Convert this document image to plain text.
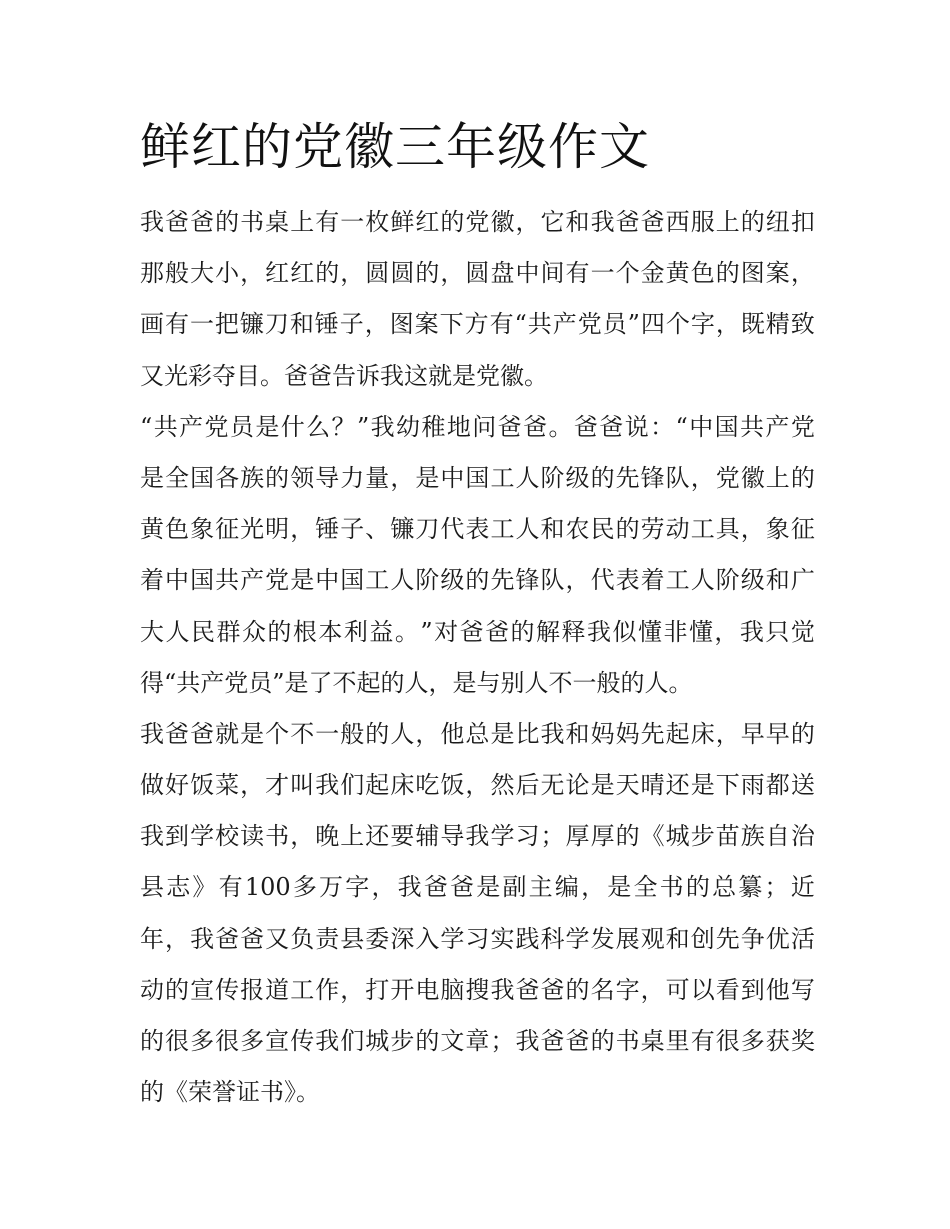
鲜红的党徽三年级作文
我 爸 爸 的 书 桌 上 有 一 枚 鲜 红 的 党 徽 ， 它 和 我 爸 爸 西 服 上 的 纽 扣
那 般 大 小 ， 红 红 的 ， 圆 圆 的 ， 圆 盘 中 间 有 一 个 金 黄 色 的 图 案 ，
画 有 一 把 镰 刀 和 锤 子 ， 图 案 下 方 有 “ 共 产 党 员 ” 四 个 字 ， 既 精 致
又光彩夺目。爸爸告诉我这就是党徽。
“ 共 产 党 员 是 什 么 ？ ” 我 幼 稚 地 问 爸 爸 。 爸 爸 说 ： “ 中 国 共 产 党
是 全 国 各 族 的 领 导 力 量 ， 是 中 国 工 人 阶 级 的 先 锋 队 ， 党 徽 上 的
黄 色 象 征 光 明 ， 锤 子 、 镰 刀 代 表 工 人 和 农 民 的 劳 动 工 具 ， 象 征
着 中 国 共 产 党 是 中 国 工 人 阶 级 的 先 锋 队 ， 代 表 着 工 人 阶 级 和 广
大 人 民 群 众 的 根 本 利 益 。 ” 对 爸 爸 的 解 释 我 似 懂 非 懂 ， 我 只 觉
得“共产党员”是了不起的人，是与别人不一般的人。
我 爸 爸 就 是 个 不 一 般 的 人 ， 他 总 是 比 我 和 妈 妈 先 起 床 ， 早 早 的
做 好 饭 菜 ， 才 叫 我 们 起 床 吃 饭 ， 然 后 无 论 是 天 晴 还 是 下 雨 都 送
我 到 学 校 读 书 ， 晚 上 还 要 辅 导 我 学 习 ； 厚 厚 的 《 城 步 苗 族 自 治
县 志 》 有 100 多 万 字 ， 我 爸 爸 是 副 主 编 ， 是 全 书 的 总 纂 ； 近
年 ， 我 爸 爸 又 负 责 县 委 深 入 学 习 实 践 科 学 发 展 观 和 创 先 争 优 活
动 的 宣 传 报 道 工 作 ， 打 开 电 脑 搜 我 爸 爸 的 名 字 ， 可 以 看 到 他 写
的 很 多 很 多 宣 传 我 们 城 步 的 文 章 ； 我 爸 爸 的 书 桌 里 有 很 多 获 奖
的《荣誉证书》。
